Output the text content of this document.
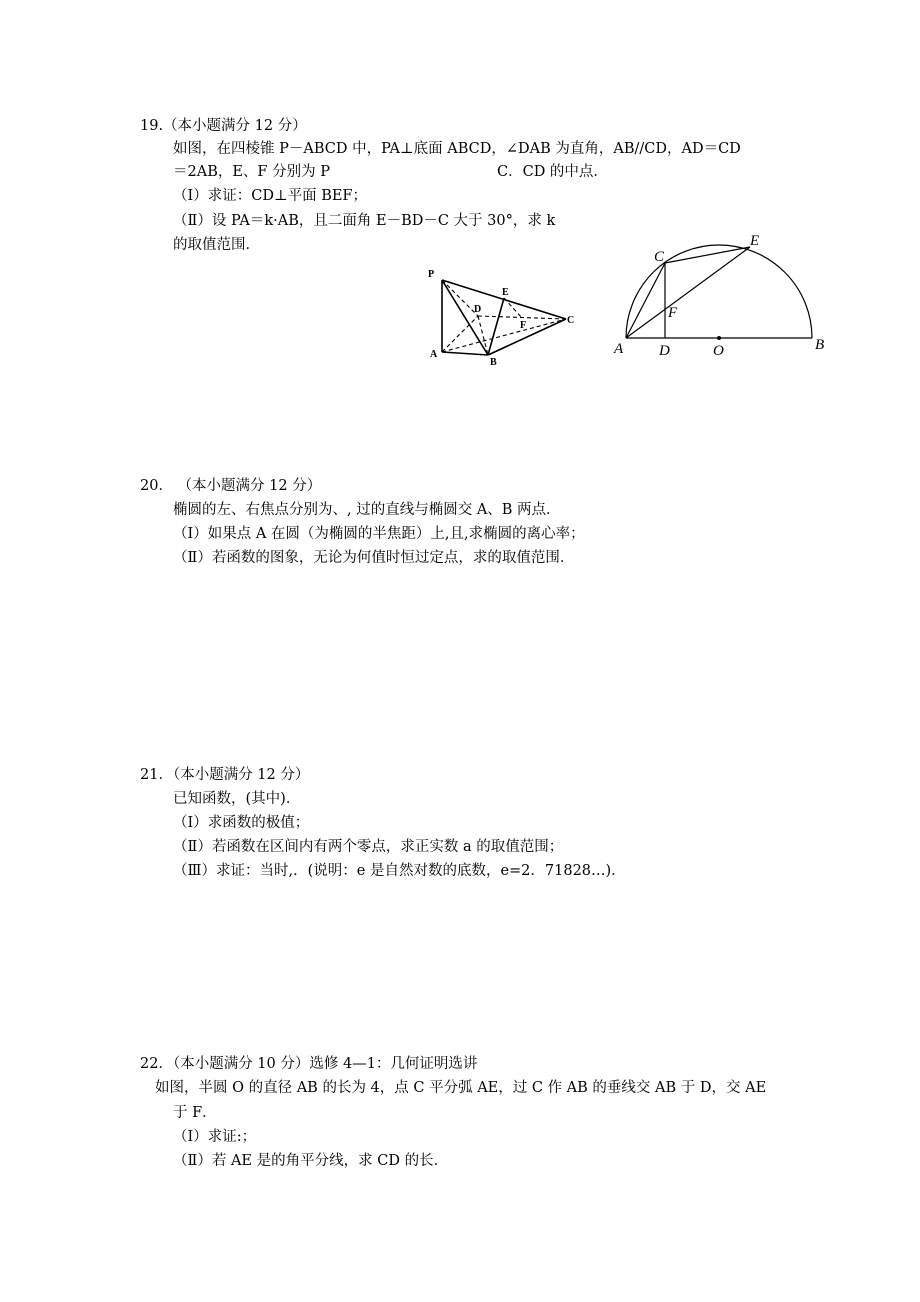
19.（本小题满分 12 分）
如图，在四棱锥 P－ABCD 中，PA⊥底面 ABCD，∠DAB 为直角，AB//CD，AD＝CD
＝2AB，E、F 分别为 P	C．CD 的中点．
（Ⅰ）求证：CD⊥平面 BEF；
（Ⅱ）设 PA＝k·AB，且二面角 E－BD－C 大于 30°，求 k
的取值范围．
P
A
B
C
D
E
F
A	B
C
D
E
F
O
20． （本小题满分 12 分）
椭圆的左、右焦点分别为、, 过的直线与椭圆交 A、B 两点．
（Ⅰ）如果点 A 在圆（为椭圆的半焦距）上,且,求椭圆的离心率；
（Ⅱ）若函数的图象，无论为何值时恒过定点，求的取值范围．
21．（本小题满分 12 分）
已知函数，(其中)．
（Ⅰ）求函数的极值；
（Ⅱ）若函数在区间内有两个零点，求正实数 a 的取值范围；
（Ⅲ）求证：当时,．(说明：e 是自然对数的底数，e=2．71828…)．
22．（本小题满分 10 分）选修 4—1：几何证明选讲
如图，半圆 O 的直径 AB 的长为 4，点 C 平分弧 AE，过 C 作 AB 的垂线交 AB 于 D，交 AE
于 F．
（Ⅰ）求证:；
（Ⅱ）若 AE 是的角平分线，求 CD 的长．
